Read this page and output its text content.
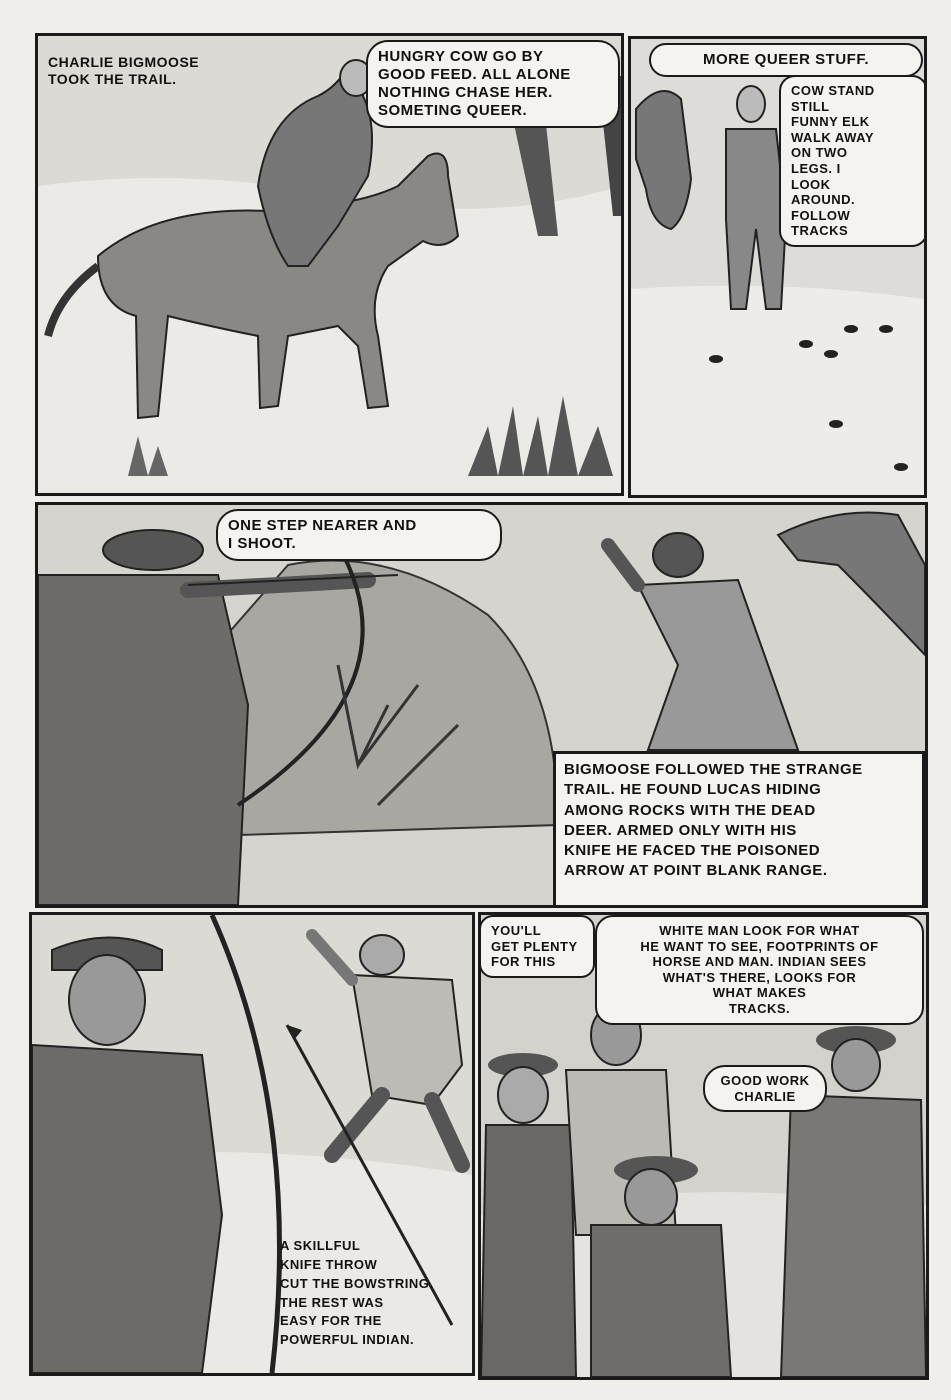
CHARLIE BIGMOOSE
TOOK THE TRAIL.
HUNGRY COW GO BY
GOOD FEED. ALL ALONE
NOTHING CHASE HER.
SOMETING QUEER.
MORE QUEER STUFF.
COW STAND STILL
FUNNY ELK
WALK AWAY
ON TWO
LEGS. I
LOOK
AROUND.
FOLLOW
TRACKS
ONE STEP NEARER AND
I SHOOT.
BIGMOOSE FOLLOWED THE STRANGE
TRAIL. HE FOUND LUCAS HIDING
AMONG ROCKS WITH THE DEAD
DEER. ARMED ONLY WITH HIS
KNIFE HE FACED THE POISONED
ARROW AT POINT BLANK RANGE.
A SKILLFUL
KNIFE THROW
CUT THE BOWSTRING.
THE REST WAS
EASY FOR THE
POWERFUL INDIAN.
YOU'LL
GET PLENTY
FOR THIS
WHITE MAN LOOK FOR WHAT
HE WANT TO SEE, FOOTPRINTS OF
HORSE AND MAN. INDIAN SEES
WHAT'S THERE, LOOKS FOR
WHAT MAKES
TRACKS.
GOOD WORK
CHARLIE
